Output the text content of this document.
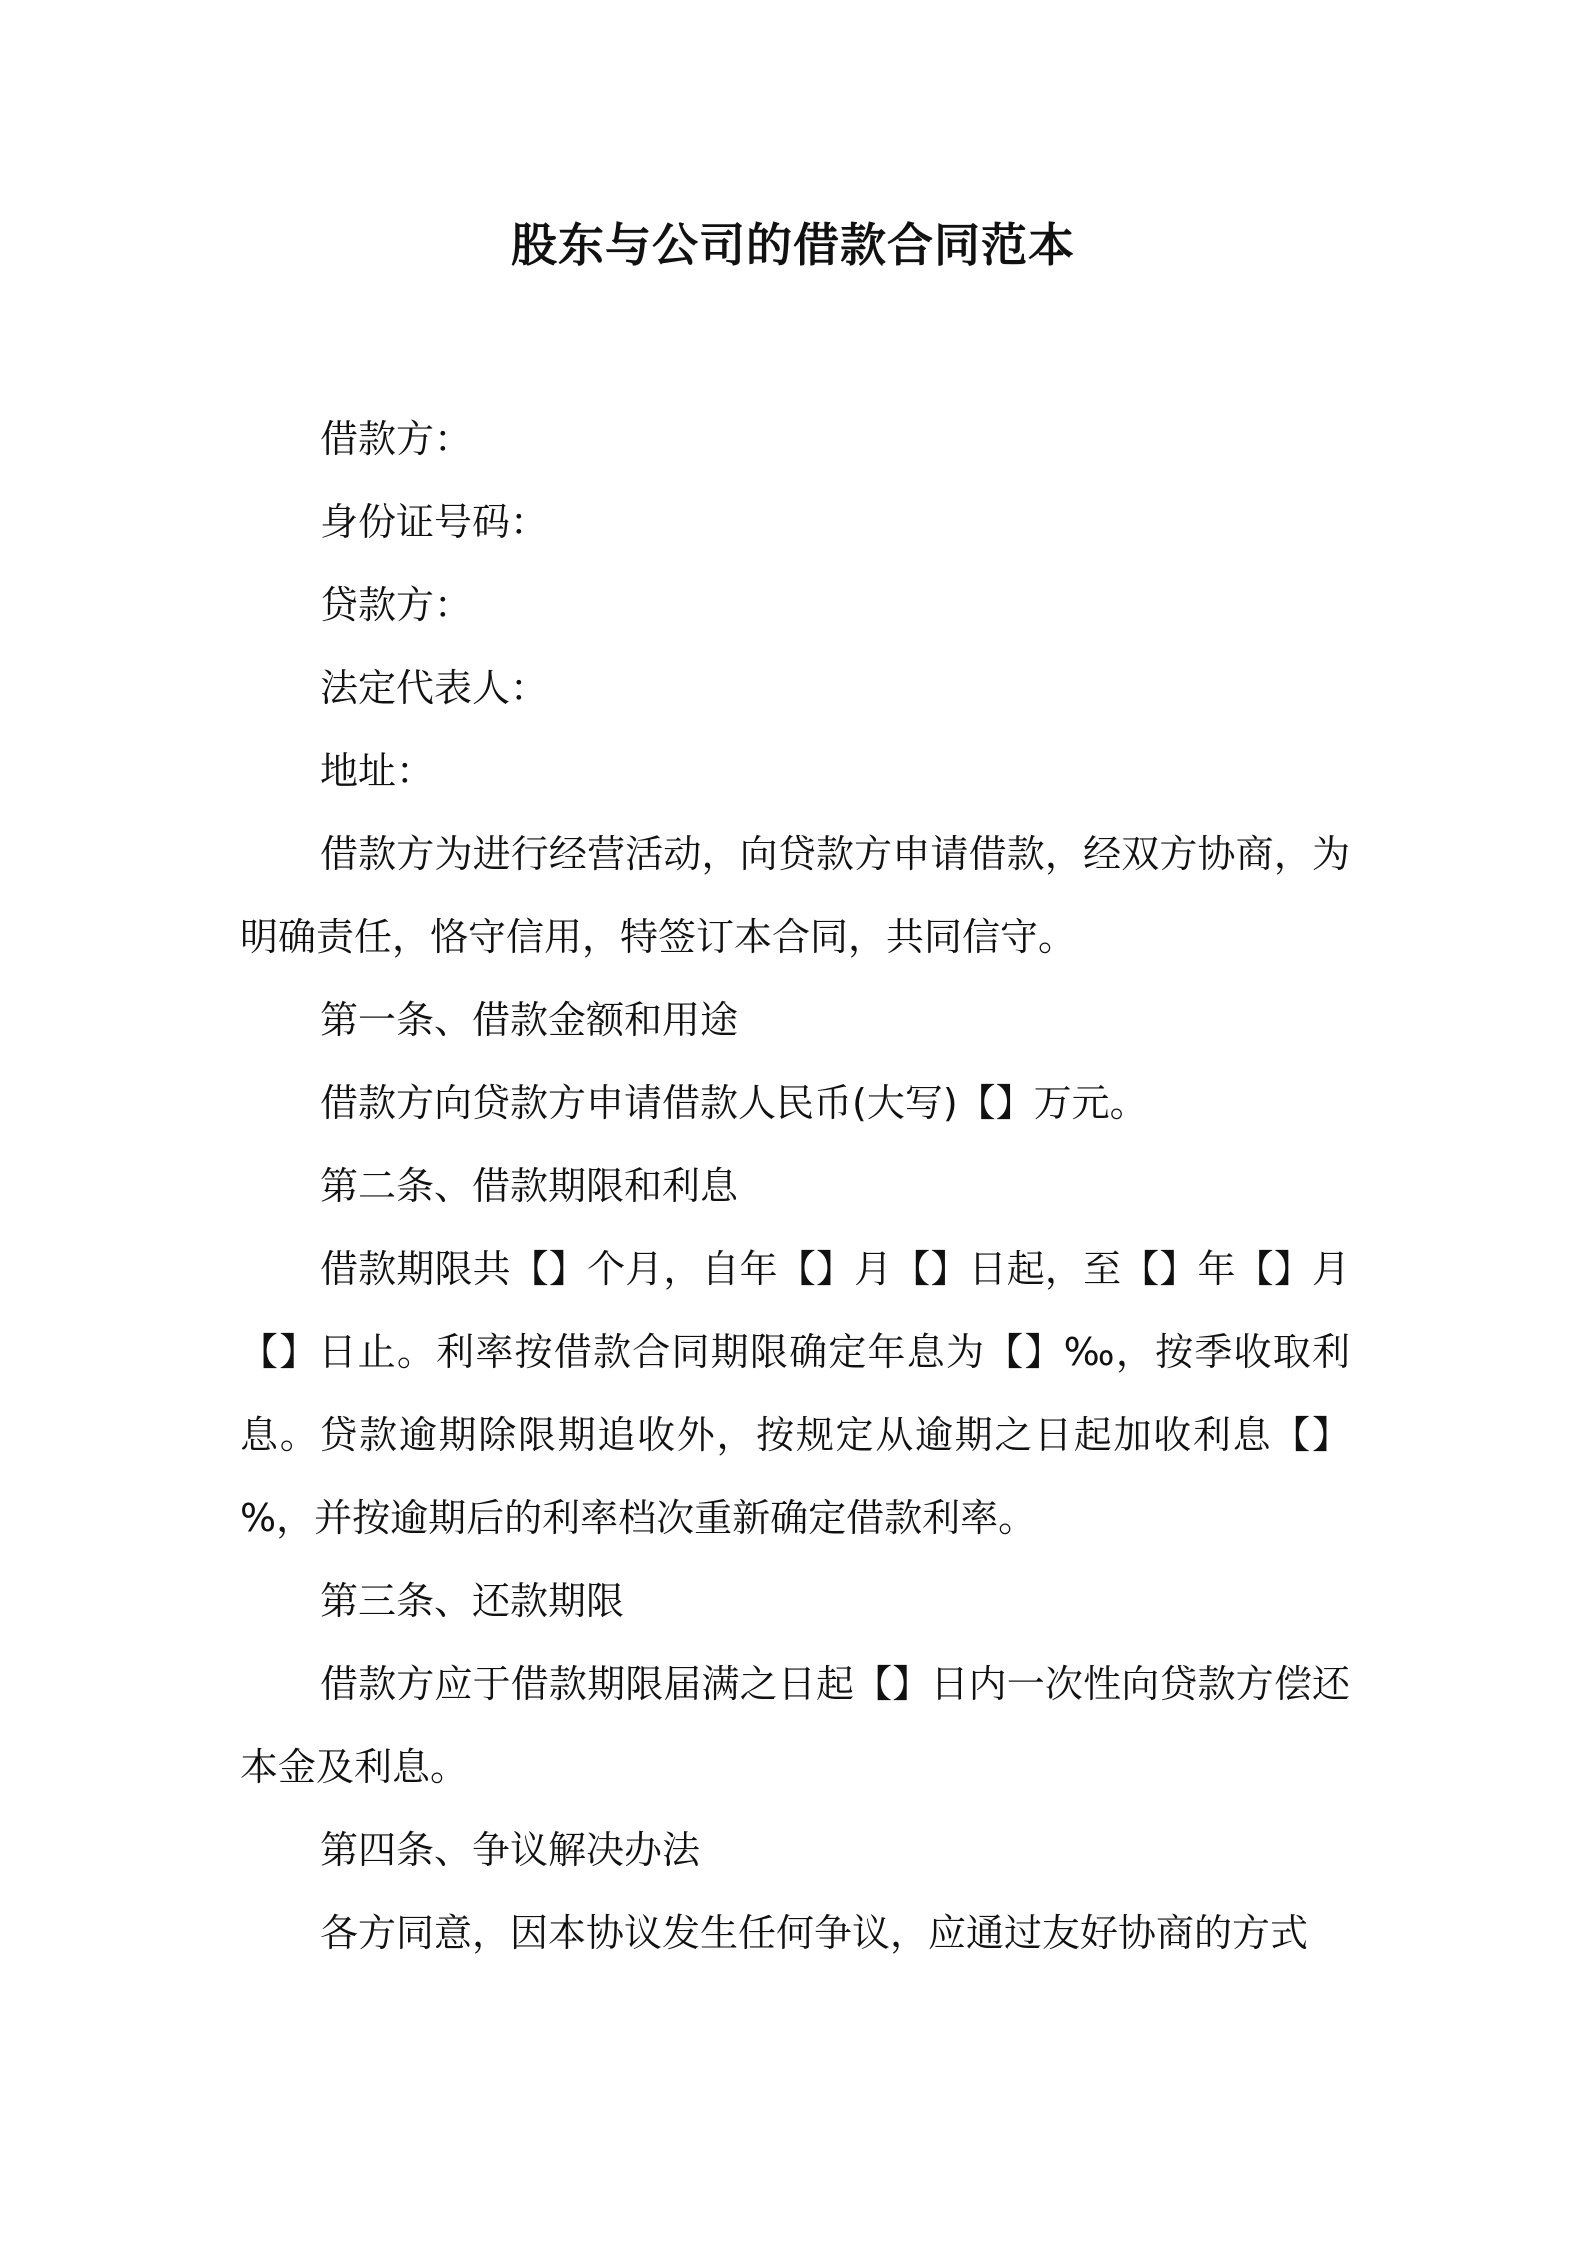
股东与公司的借款合同范本

借款方：

身份证号码：

贷款方：

法定代表人：

地址：

借款方为进行经营活动，向贷款方申请借款，经双方协商，为明确责任，恪守信用，特签订本合同，共同信守。

第一条、借款金额和用途

借款方向贷款方申请借款人民币(大写)【】万元。

第二条、借款期限和利息

借款期限共【】个月，自年【】月【】日起，至【】年【】月【】日止。利率按借款合同期限确定年息为【】‰，按季收取利息。贷款逾期除限期追收外，按规定从逾期之日起加收利息【】%，并按逾期后的利率档次重新确定借款利率。

第三条、还款期限

借款方应于借款期限届满之日起【】日内一次性向贷款方偿还本金及利息。

第四条、争议解决办法

各方同意，因本协议发生任何争议，应通过友好协商的方式
